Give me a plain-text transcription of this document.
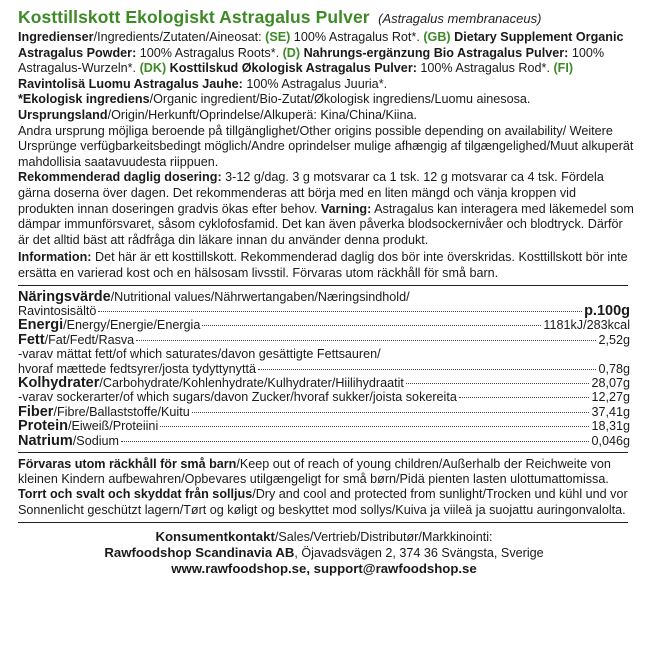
Kosttillskott Ekologiskt Astragalus Pulver (Astragalus membranaceus)

Ingredienser/Ingredients/Zutaten/Aineosat: (SE) 100% Astragalus Rot*. (GB) Dietary Supplement Organic Astragalus Powder: 100% Astragalus Roots*. (D) Nahrungs-ergänzung Bio Astragalus Pulver: 100% Astragalus-Wurzeln*. (DK) Kosttilskud Økologisk Astragalus Pulver: 100% Astragalus Rod*. (FI) Ravintolisä Luomu Astragalus Jauhe: 100% Astragalus Juuria*.

*Ekologisk ingrediens/Organic ingredient/Bio-Zutat/Økologisk ingrediens/Luomu ainesosa.

Ursprungsland/Origin/Herkunft/Oprindelse/Alkuperä: Kina/China/Kiina.

Andra ursprung möjliga beroende på tillgänglighet/Other origins possible depending on availability/ Weitere Ursprünge verfügbarkeitsbedingt möglich/Andre oprindelser mulige afhængig af tilgængelighed/Muut alkuperät mahdollisia saatavuudesta riippuen.

Rekommenderad daglig dosering: 3-12 g/dag. 3 g motsvarar ca 1 tsk. 12 g motsvarar ca 4 tsk. Fördela gärna doserna över dagen. Det rekommenderas att börja med en liten mängd och vänja kroppen vid produkten innan doseringen gradvis ökas efter behov. Varning: Astragalus kan interagera med läkemedel som dämpar immunförsvaret, såsom cyklofosfamid. Det kan även påverka blodsockernivåer och blodtryck. Därför är det alltid bäst att rådfråga din läkare innan du använder denna produkt.

Information: Det här är ett kosttillskott. Rekommenderad daglig dos bör inte överskridas. Kosttillskott bör inte ersätta en varierad kost och en hälsosam livsstil. Förvaras utom räckhåll för små barn.

Näringsvärde/Nutritional values/Nährwertangaben/Næringsindhold/
Ravintosisältö	p.100g
Energi/Energy/Energie/Energia	1181kJ/283kcal
Fett/Fat/Fedt/Rasva	2,52g
-varav mättat fett/of which saturates/davon gesättigte Fettsauren/
hvoraf mættede fedtsyrer/josta tydyttynyttä	0,78g
Kolhydrater/Carbohydrate/Kohlenhydrate/Kulhydrater/Hiilihydraatit	28,07g
-varav sockerarter/of which sugars/davon Zucker/hvoraf sukker/joista sokereita	12,27g
Fiber/Fibre/Ballaststoffe/Kuitu	37,41g
Protein/Eiweiß/Proteiini	18,31g
Natrium/Sodium	0,046g

Förvaras utom räckhåll för små barn/Keep out of reach of young children/Außerhalb der Reichweite von kleinen Kindern aufbewahren/Opbevares utilgængeligt for små børn/Pidä pienten lasten ulottumattomissa.

Torrt och svalt och skyddat från solljus/Dry and cool and protected from sunlight/Trocken und kühl und vor Sonnenlicht geschützt lagern/Tørt og køligt og beskyttet mod sollys/Kuiva ja viileä ja suojattu auringonvalolta.

Konsumentkontakt/Sales/Vertrieb/Distributør/Markkinointi:
Rawfoodshop Scandinavia AB, Öjavadsvägen 2, 374 36 Svängsta, Sverige
www.rawfoodshop.se, support@rawfoodshop.se
